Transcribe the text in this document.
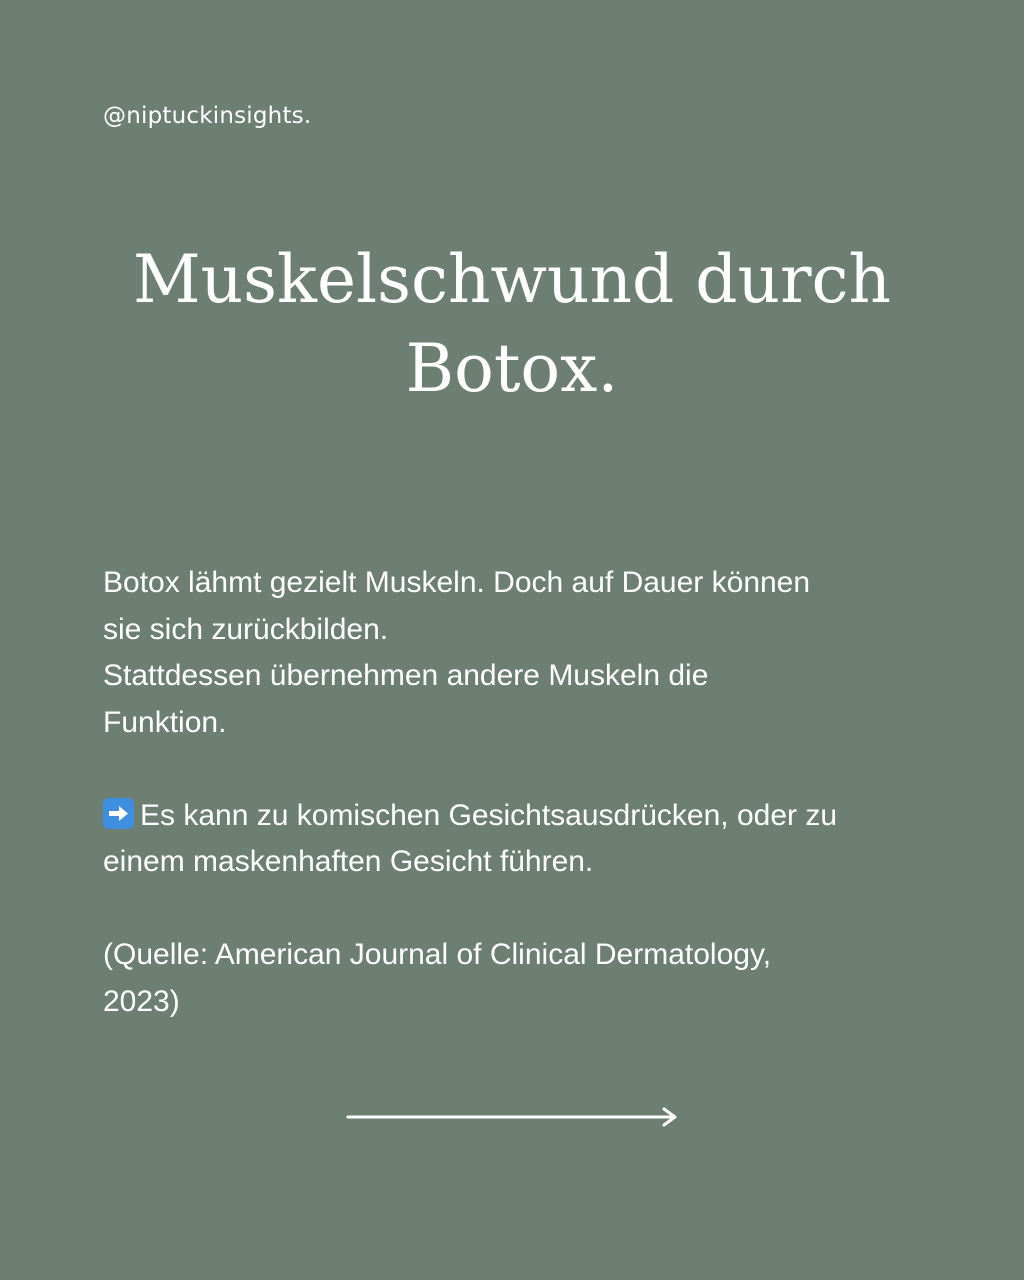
@niptuckinsights.
Muskelschwund durch
Botox.

Botox lähmt gezielt Muskeln. Doch auf Dauer können

sie sich zurückbilden.

Stattdessen übernehmen andere Muskeln die

Funktion.

Es kann zu komischen Gesichtsausdrücken, oder zu

einem maskenhaften Gesicht führen.

(Quelle: American Journal of Clinical Dermatology,

2023)
